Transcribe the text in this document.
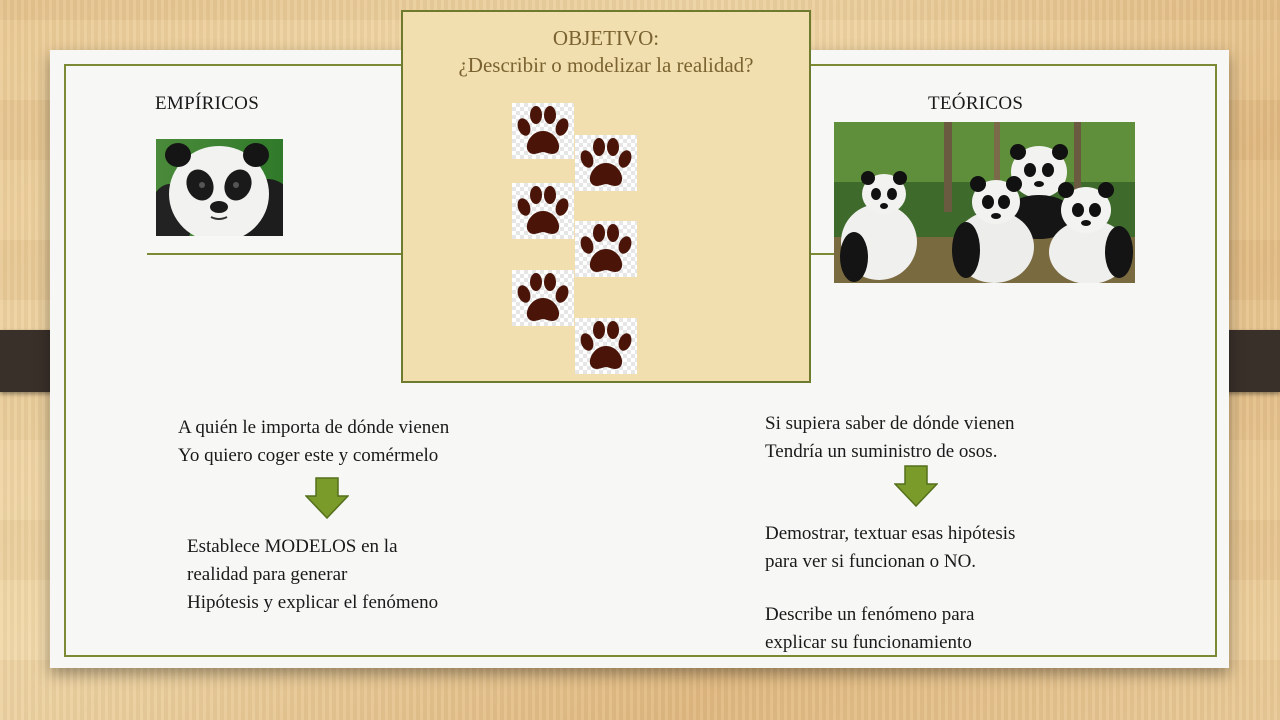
EMPÍRICOS	TEÓRICOS
OBJETIVO:
¿Describir o modelizar la realidad?
A quién le importa de dónde vienen
Yo quiero coger este y comérmelo
Establece MODELOS en la
realidad para generar
Hipótesis y explicar el fenómeno
Si supiera saber de dónde vienen
Tendría un suministro de osos.
Demostrar, textuar esas hipótesis
para ver si funcionan o NO.
Describe un fenómeno para
explicar su funcionamiento
